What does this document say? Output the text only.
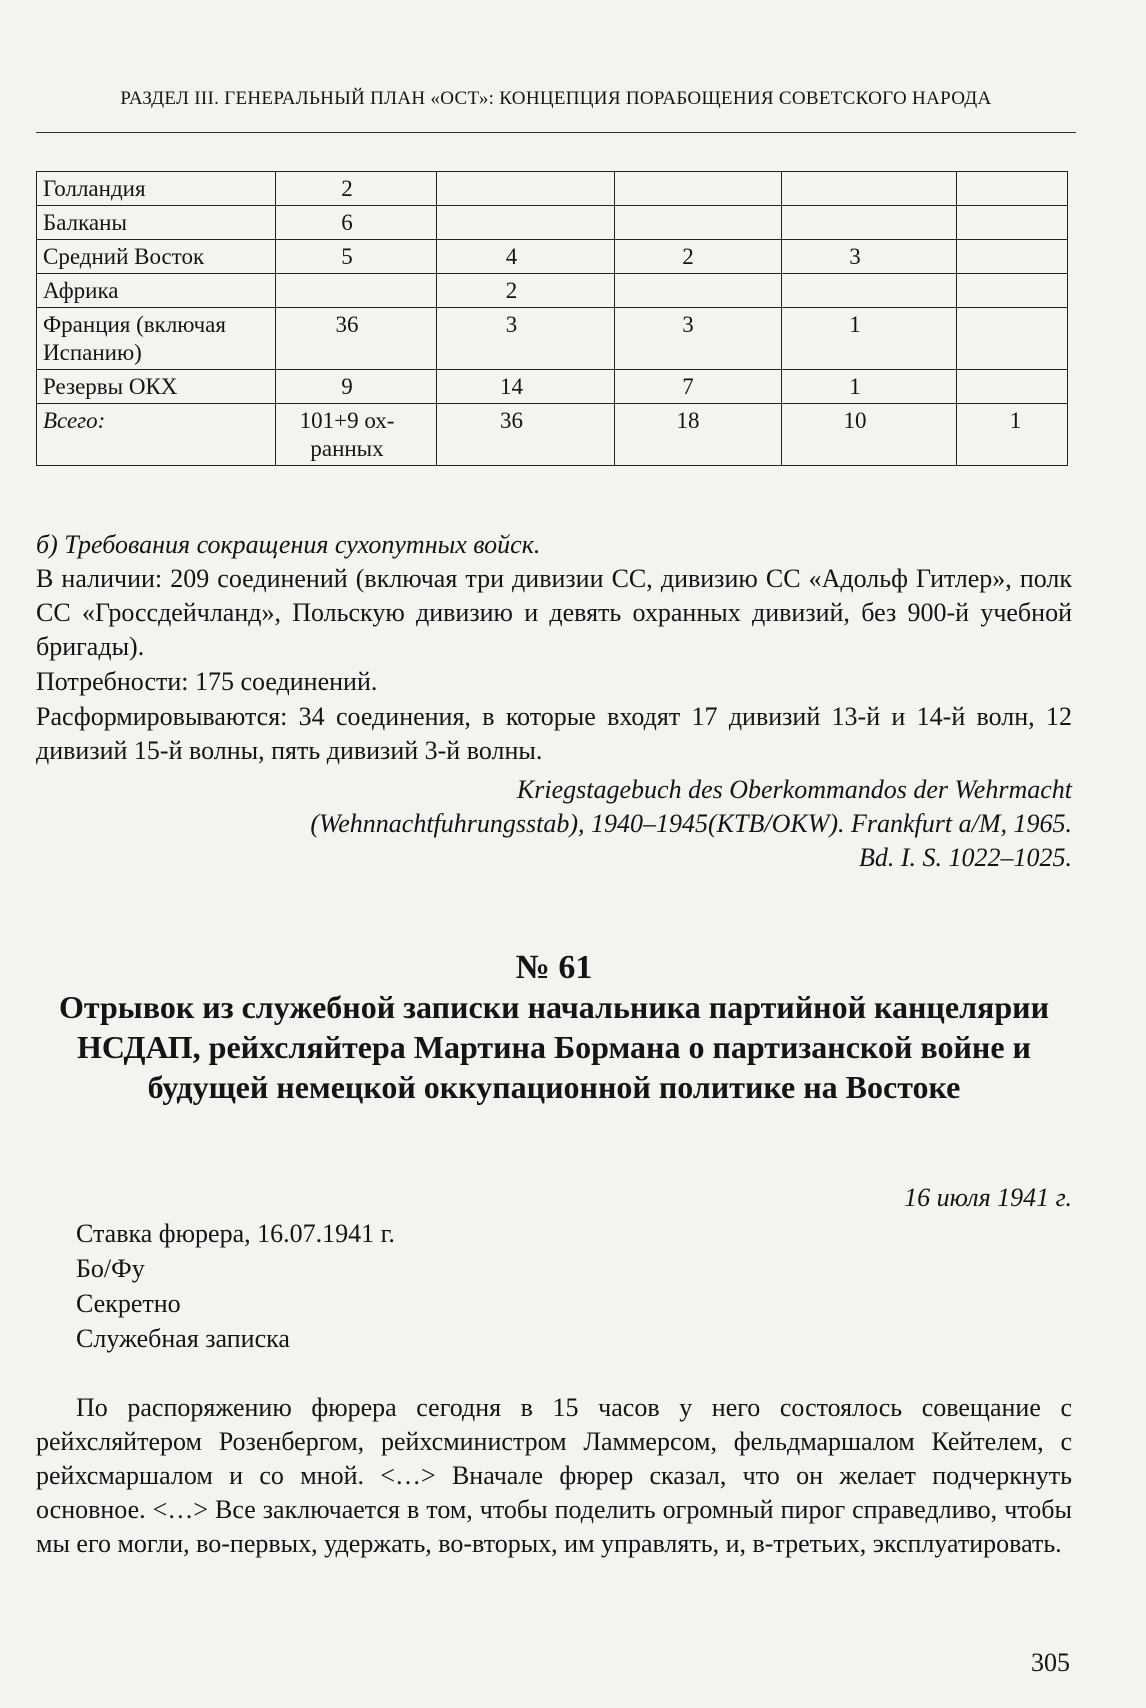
РАЗДЕЛ III. ГЕНЕРАЛЬНЫЙ ПЛАН «ОСТ»: КОНЦЕПЦИЯ ПОРАБОЩЕНИЯ СОВЕТСКОГО НАРОДА
Голландия	2				
Балканы	6				
Средний Восток	5	4	2	3	
Африка		2			
Франция (включая Испанию)	36	3	3	1	
Резервы ОКХ	9	14	7	1	
Всего:	101+9 ох-ранных	36	18	10	1
б) Требования сокращения сухопутных войск.
В наличии: 209 соединений (включая три дивизии СС, дивизию СС «Адольф Гитлер», полк СС «Гроссдейчланд», Польскую дивизию и девять охранных дивизий, без 900-й учебной бригады).
Потребности: 175 соединений.
Расформировываются: 34 соединения, в которые входят 17 дивизий 13-й и 14-й волн, 12 дивизий 15-й волны, пять дивизий 3-й волны.
Kriegstagebuch des Oberkommandos der Wehrmacht (Wehnnachtfuhrungsstab), 1940–1945(KTB/OKW). Frankfurt a/M, 1965. Bd. I. S. 1022–1025.
№ 61
Отрывок из служебной записки начальника партийной канцелярии НСДАП, рейхсляйтера Мартина Бормана о партизанской войне и будущей немецкой оккупационной политике на Востоке
16 июля 1941 г.
Ставка фюрера, 16.07.1941 г.
Бо/Фу
Секретно
Служебная записка
По распоряжению фюрера сегодня в 15 часов у него состоялось совещание с рейхсляйтером Розенбергом, рейхсминистром Ламмерсом, фельдмаршалом Кейтелем, с рейхсмаршалом и со мной. <…> Вначале фюрер сказал, что он желает подчеркнуть основное. <…> Все заключается в том, чтобы поделить огромный пирог справедливо, чтобы мы его могли, во-первых, удержать, во-вторых, им управлять, и, в-третьих, эксплуатировать.
305
